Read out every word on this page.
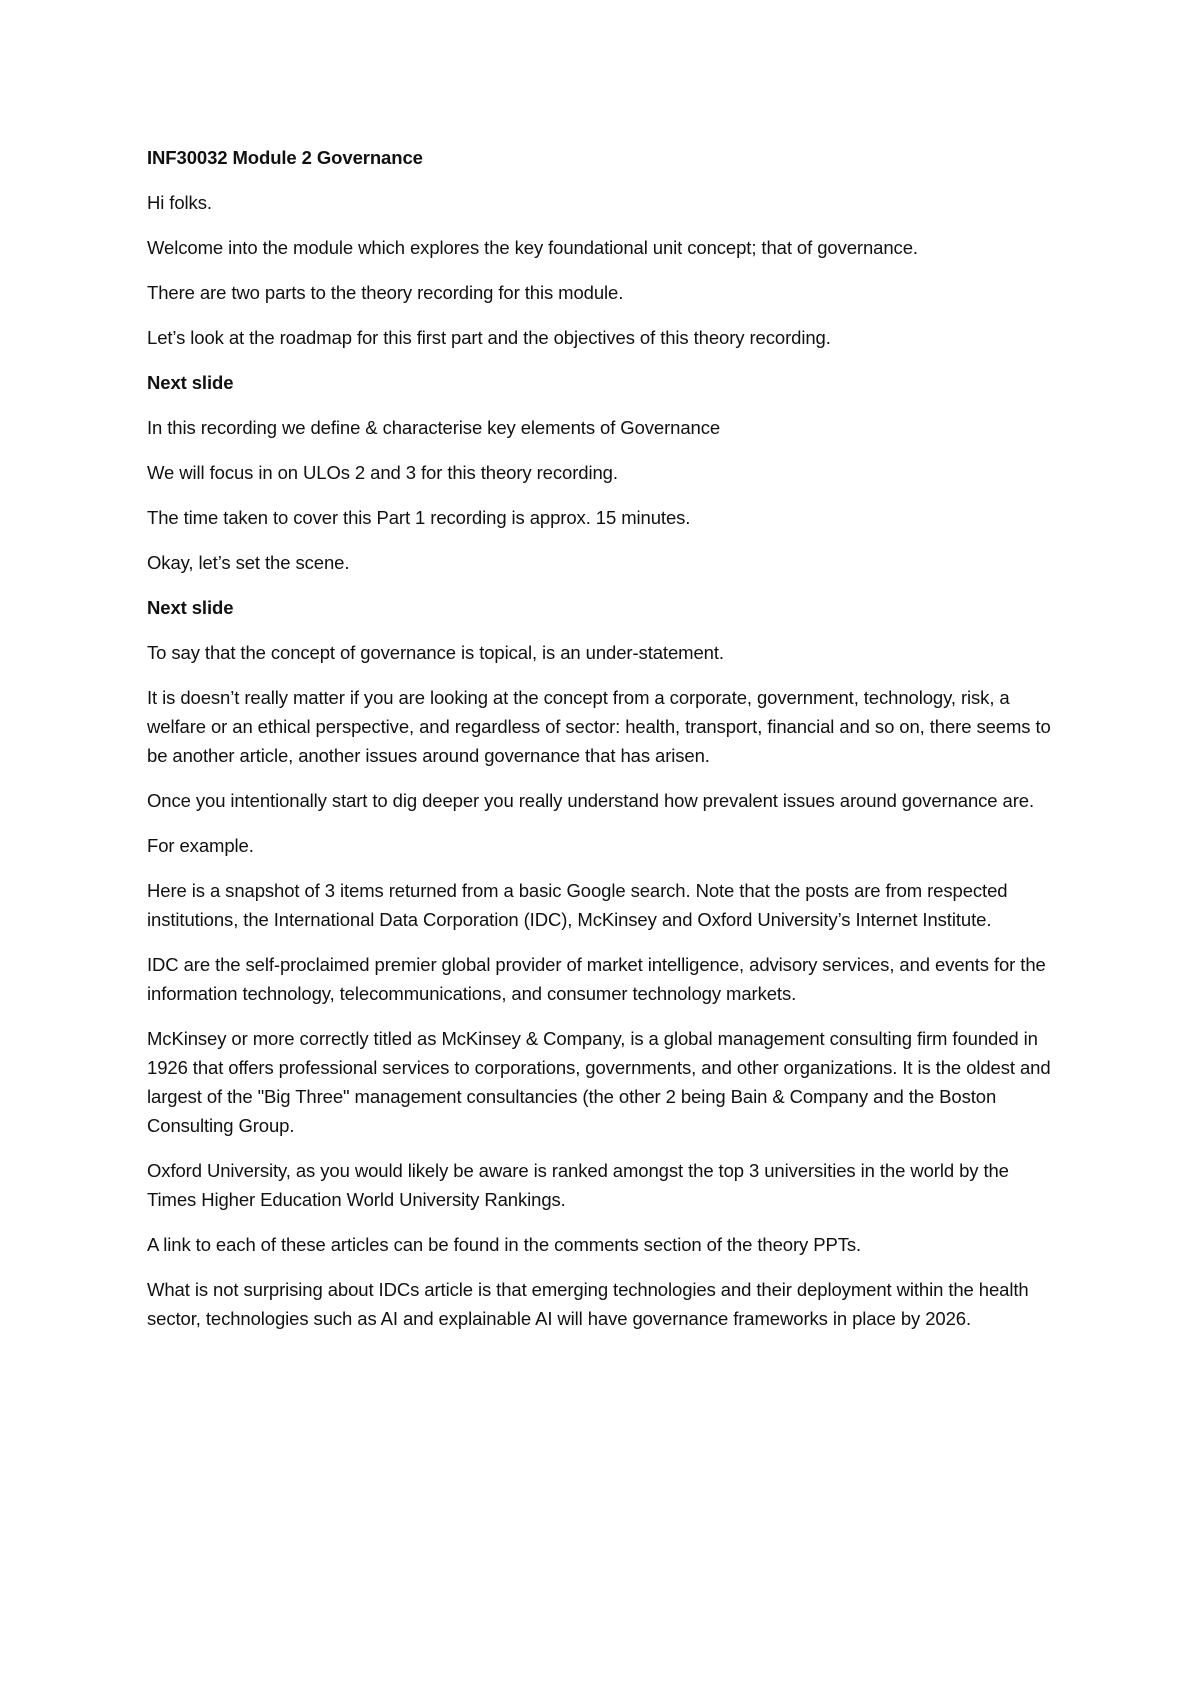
INF30032 Module 2 Governance

Hi folks.

Welcome into the module which explores the key foundational unit concept; that of governance.

There are two parts to the theory recording for this module.

Let’s look at the roadmap for this first part and the objectives of this theory recording.

Next slide

In this recording we define & characterise key elements of Governance

We will focus in on ULOs 2 and 3 for this theory recording.

The time taken to cover this Part 1 recording is approx. 15 minutes.

Okay, let’s set the scene.

Next slide

To say that the concept of governance is topical, is an under-statement.

It is doesn’t really matter if you are looking at the concept from a corporate, government, technology, risk, a welfare or an ethical perspective, and regardless of sector: health, transport, financial and so on, there seems to be another article, another issues around governance that has arisen.

Once you intentionally start to dig deeper you really understand how prevalent issues around governance are.

For example.

Here is a snapshot of 3 items returned from a basic Google search. Note that the posts are from respected institutions, the International Data Corporation (IDC), McKinsey and Oxford University’s Internet Institute.

IDC are the self-proclaimed premier global provider of market intelligence, advisory services, and events for the information technology, telecommunications, and consumer technology markets.

McKinsey or more correctly titled as McKinsey & Company, is a global management consulting firm founded in 1926 that offers professional services to corporations, governments, and other organizations. It is the oldest and largest of the "Big Three" management consultancies (the other 2 being Bain & Company and the Boston Consulting Group.

Oxford University, as you would likely be aware is ranked amongst the top 3 universities in the world by the Times Higher Education World University Rankings.

A link to each of these articles can be found in the comments section of the theory PPTs.

What is not surprising about IDCs article is that emerging technologies and their deployment within the health sector, technologies such as AI and explainable AI will have governance frameworks in place by 2026.
